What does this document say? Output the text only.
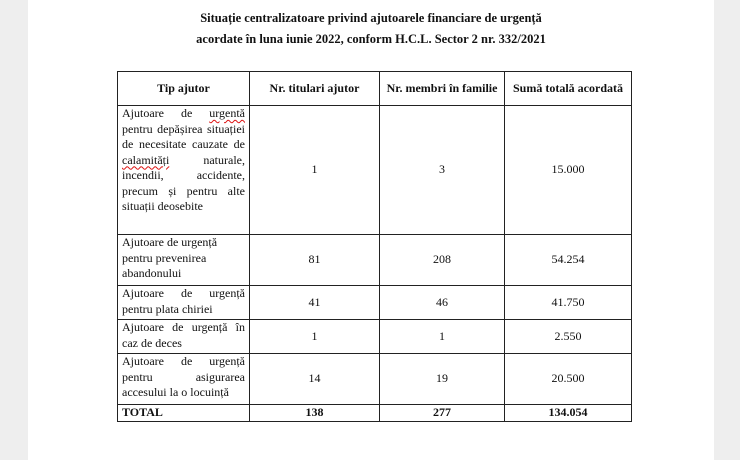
Situație centralizatoare privind ajutoarele financiare de urgență
acordate în luna iunie 2022, conform H.C.L. Sector 2 nr. 332/2021
Tip ajutor	Nr. titulari ajutor	Nr. membri în familie	Sumă totală acordată
Ajutoare de urgentă pentru depășirea situației de necesitate cauzate de calamități naturale, incendii, accidente, precum și pentru alte situații deosebite	1	3	15.000
Ajutoare de urgență pentru prevenirea abandonului	81	208	54.254
Ajutoare de urgență pentru plata chiriei	41	46	41.750
Ajutoare de urgență în caz de deces	1	1	2.550
Ajutoare de urgență pentru asigurarea accesului la o locuință	14	19	20.500
TOTAL	138	277	134.054
